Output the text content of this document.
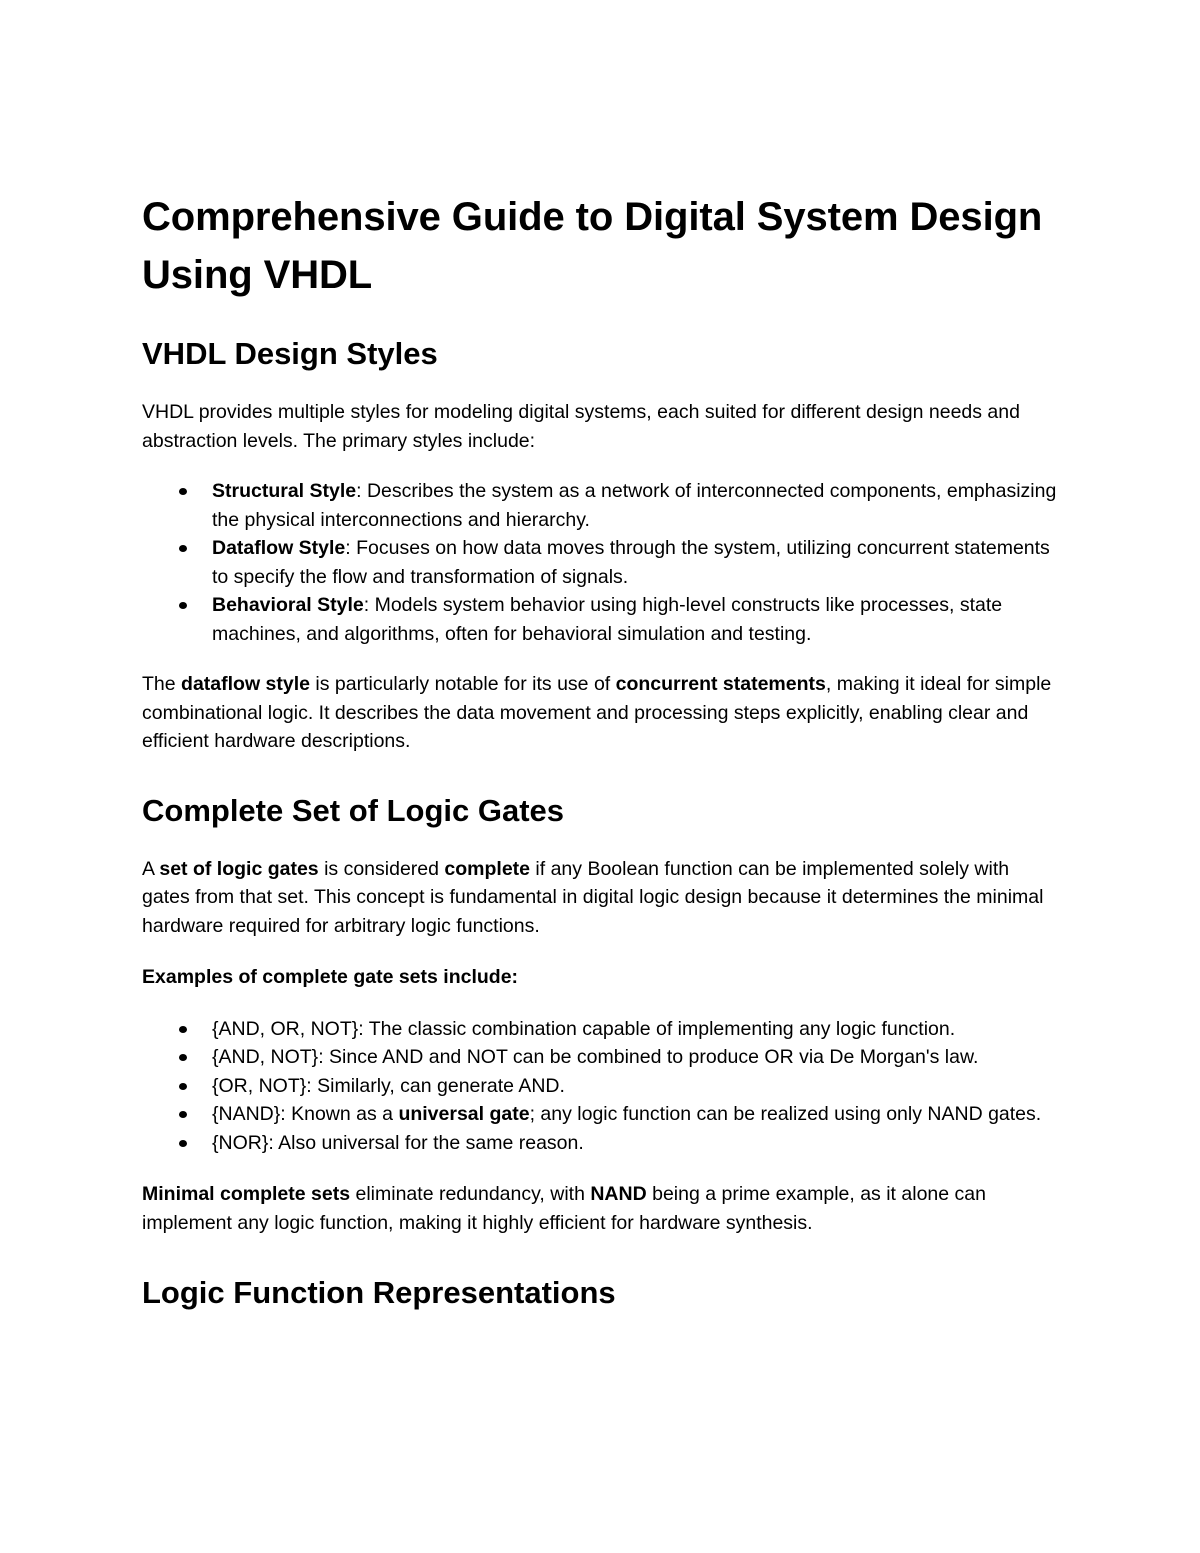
Comprehensive Guide to Digital System Design Using VHDL
VHDL Design Styles

VHDL provides multiple styles for modeling digital systems, each suited for different design needs and abstraction levels. The primary styles include:

Structural Style: Describes the system as a network of interconnected components, emphasizing the physical interconnections and hierarchy.
Dataflow Style: Focuses on how data moves through the system, utilizing concurrent statements to specify the flow and transformation of signals.
Behavioral Style: Models system behavior using high-level constructs like processes, state machines, and algorithms, often for behavioral simulation and testing.

The dataflow style is particularly notable for its use of concurrent statements, making it ideal for simple combinational logic. It describes the data movement and processing steps explicitly, enabling clear and efficient hardware descriptions.

Complete Set of Logic Gates

A set of logic gates is considered complete if any Boolean function can be implemented solely with gates from that set. This concept is fundamental in digital logic design because it determines the minimal hardware required for arbitrary logic functions.

Examples of complete gate sets include:

{AND, OR, NOT}: The classic combination capable of implementing any logic function.
{AND, NOT}: Since AND and NOT can be combined to produce OR via De Morgan's law.
{OR, NOT}: Similarly, can generate AND.
{NAND}: Known as a universal gate; any logic function can be realized using only NAND gates.
{NOR}: Also universal for the same reason.

Minimal complete sets eliminate redundancy, with NAND being a prime example, as it alone can implement any logic function, making it highly efficient for hardware synthesis.

Logic Function Representations
